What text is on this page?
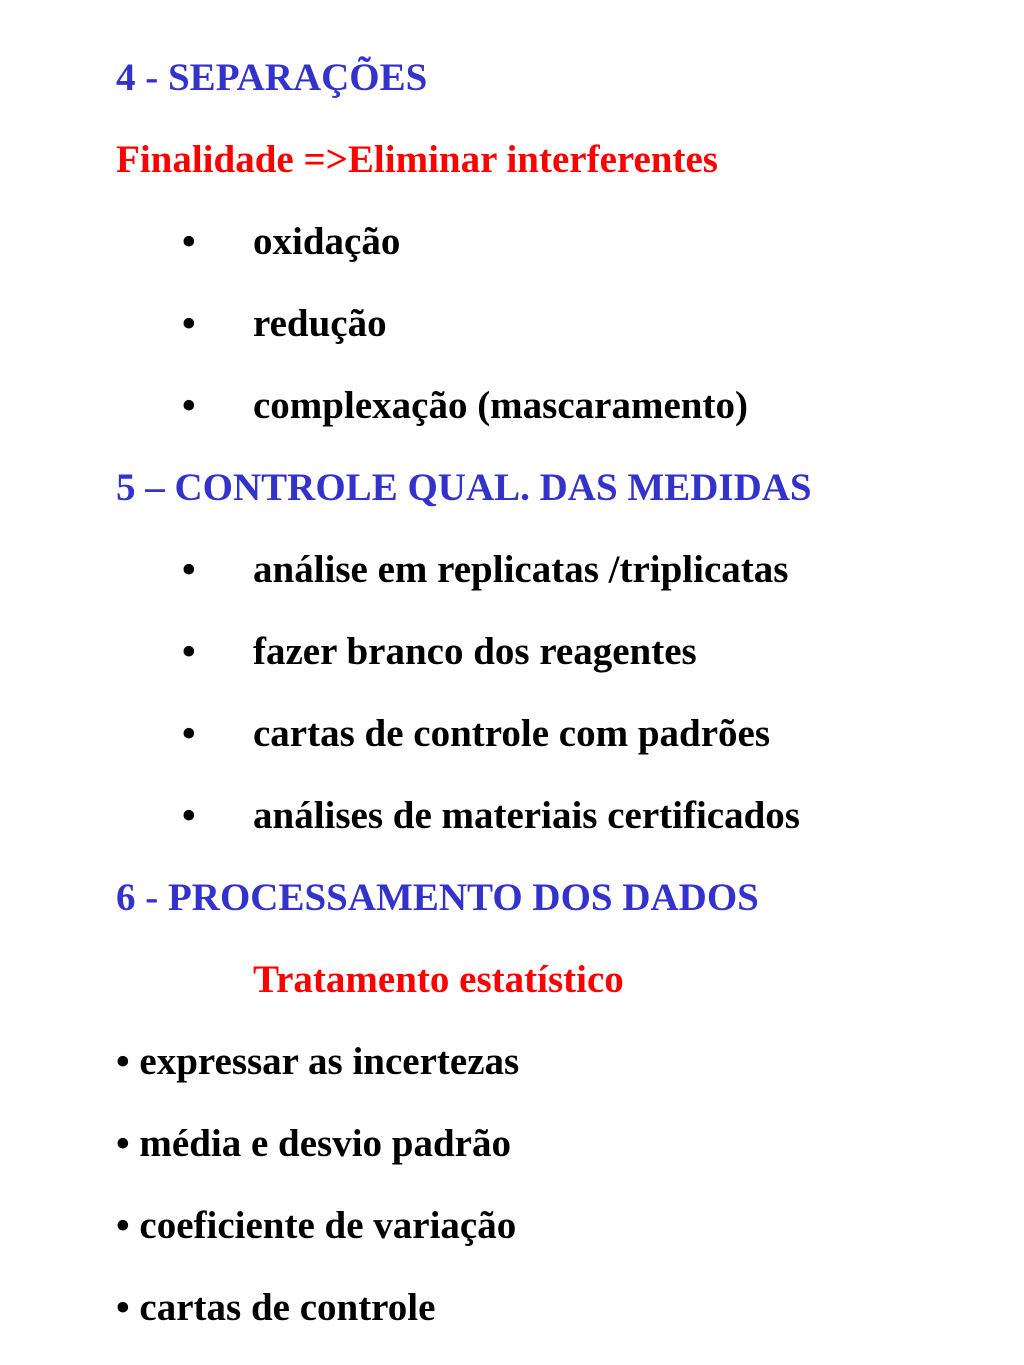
4 - SEPARAÇÕES
Finalidade =>Eliminar interferentes
• oxidação
• redução
• complexação (mascaramento)
5 – CONTROLE QUAL. DAS MEDIDAS
• análise em replicatas /triplicatas
• fazer branco dos reagentes
• cartas de controle com padrões
• análises de materiais certificados
6 - PROCESSAMENTO DOS DADOS
Tratamento estatístico
• expressar as incertezas
• média e desvio padrão
• coeficiente de variação
• cartas de controle
